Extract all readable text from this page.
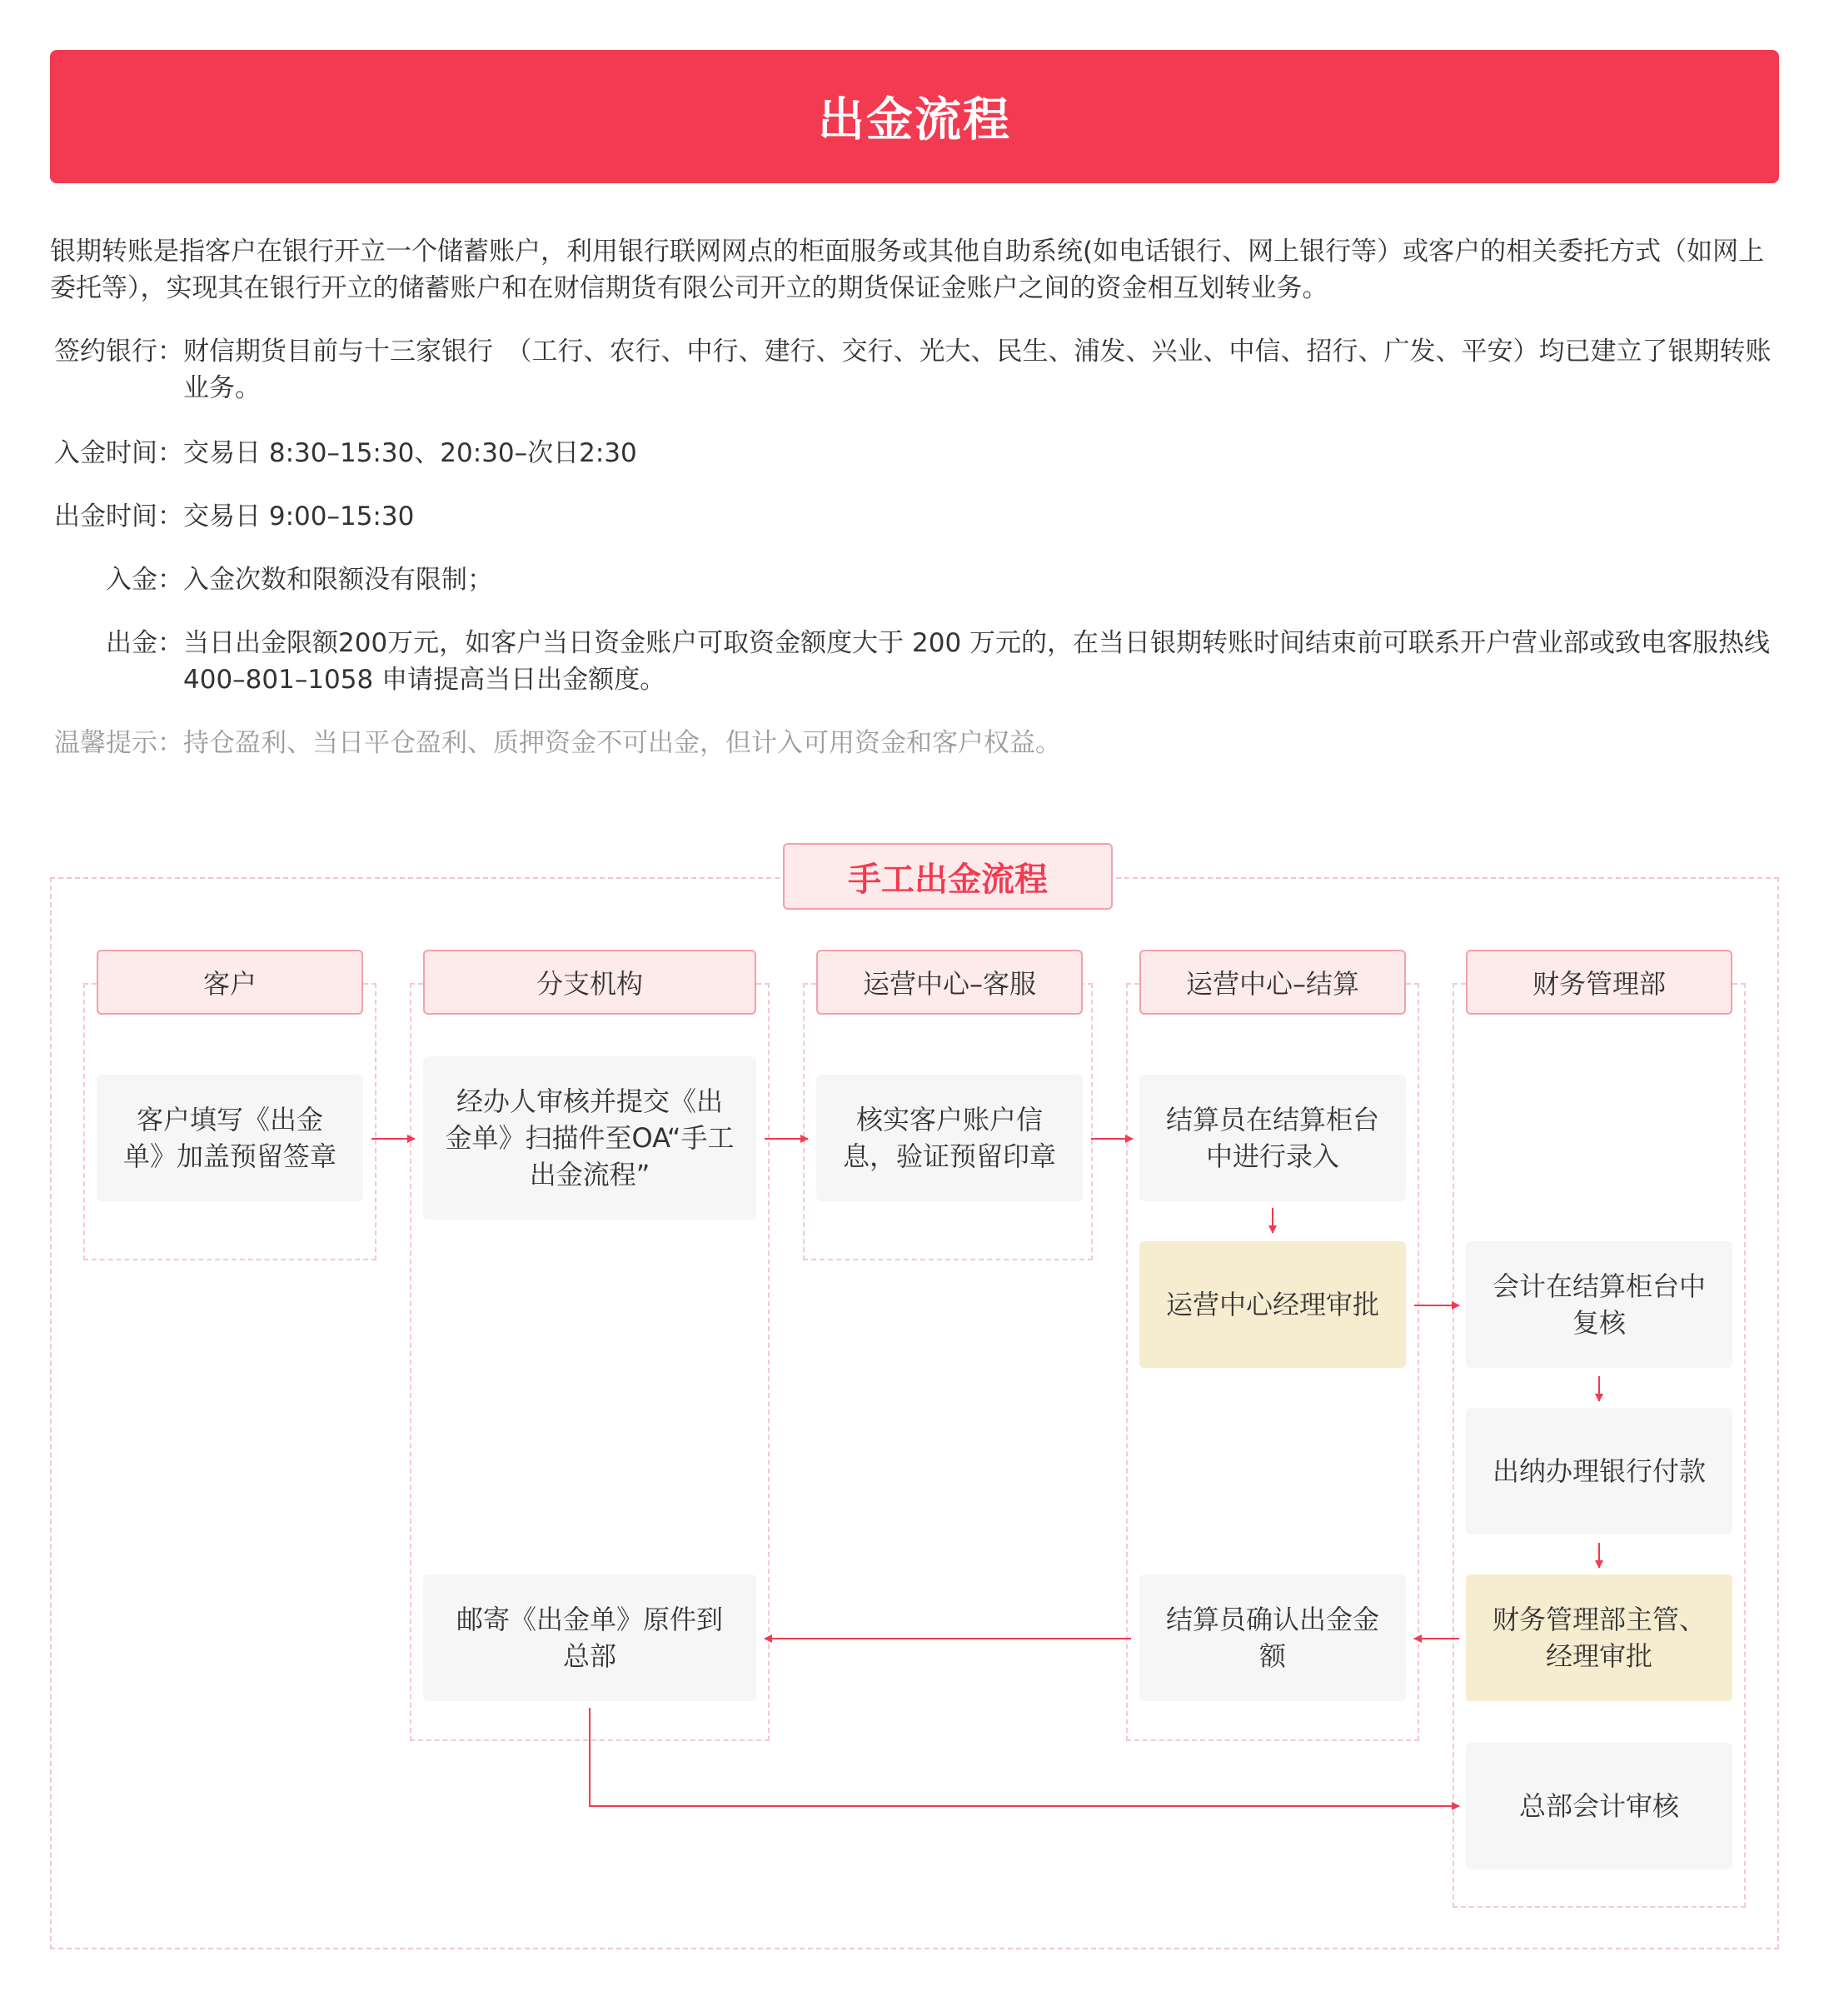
出金流程
银期转账是指客户在银行开立一个储蓄账户，利用银行联网网点的柜面服务或其他自助系统(如电话银行、网上银行等）或客户的相关委托方式（如网上委托等），实现其在银行开立的储蓄账户和在财信期货有限公司开立的期货保证金账户之间的资金相互划转业务。
签约银行： 财信期货目前与十三家银行　（工行、农行、中行、建行、交行、光大、民生、浦发、兴业、中信、招行、广发、平安）均已建立了银期转账业务。
入金时间： 交易日 8:30–15:30、20:30–次日2:30
出金时间： 交易日 9:00–15:30
入金： 入金次数和限额没有限制；
出金： 当日出金限额200万元，如客户当日资金账户可取资金额度大于 200 万元的，在当日银期转账时间结束前可联系开户营业部或致电客服热线 400–801–1058 申请提高当日出金额度。
温馨提示： 持仓盈利、当日平仓盈利、质押资金不可出金，但计入可用资金和客户权益。
手工出金流程
客户	分支机构	运营中心–客服	运营中心–结算	财务管理部
客户填写《出金单》加盖预留签章
经办人审核并提交《出金单》扫描件至OA“手工出金流程”
核实客户账户信息，验证预留印章
结算员在结算柜台中进行录入
运营中心经理审批
会计在结算柜台中复核
出纳办理银行付款
财务管理部主管、经理审批
结算员确认出金金额
邮寄《出金单》原件到总部
总部会计审核
